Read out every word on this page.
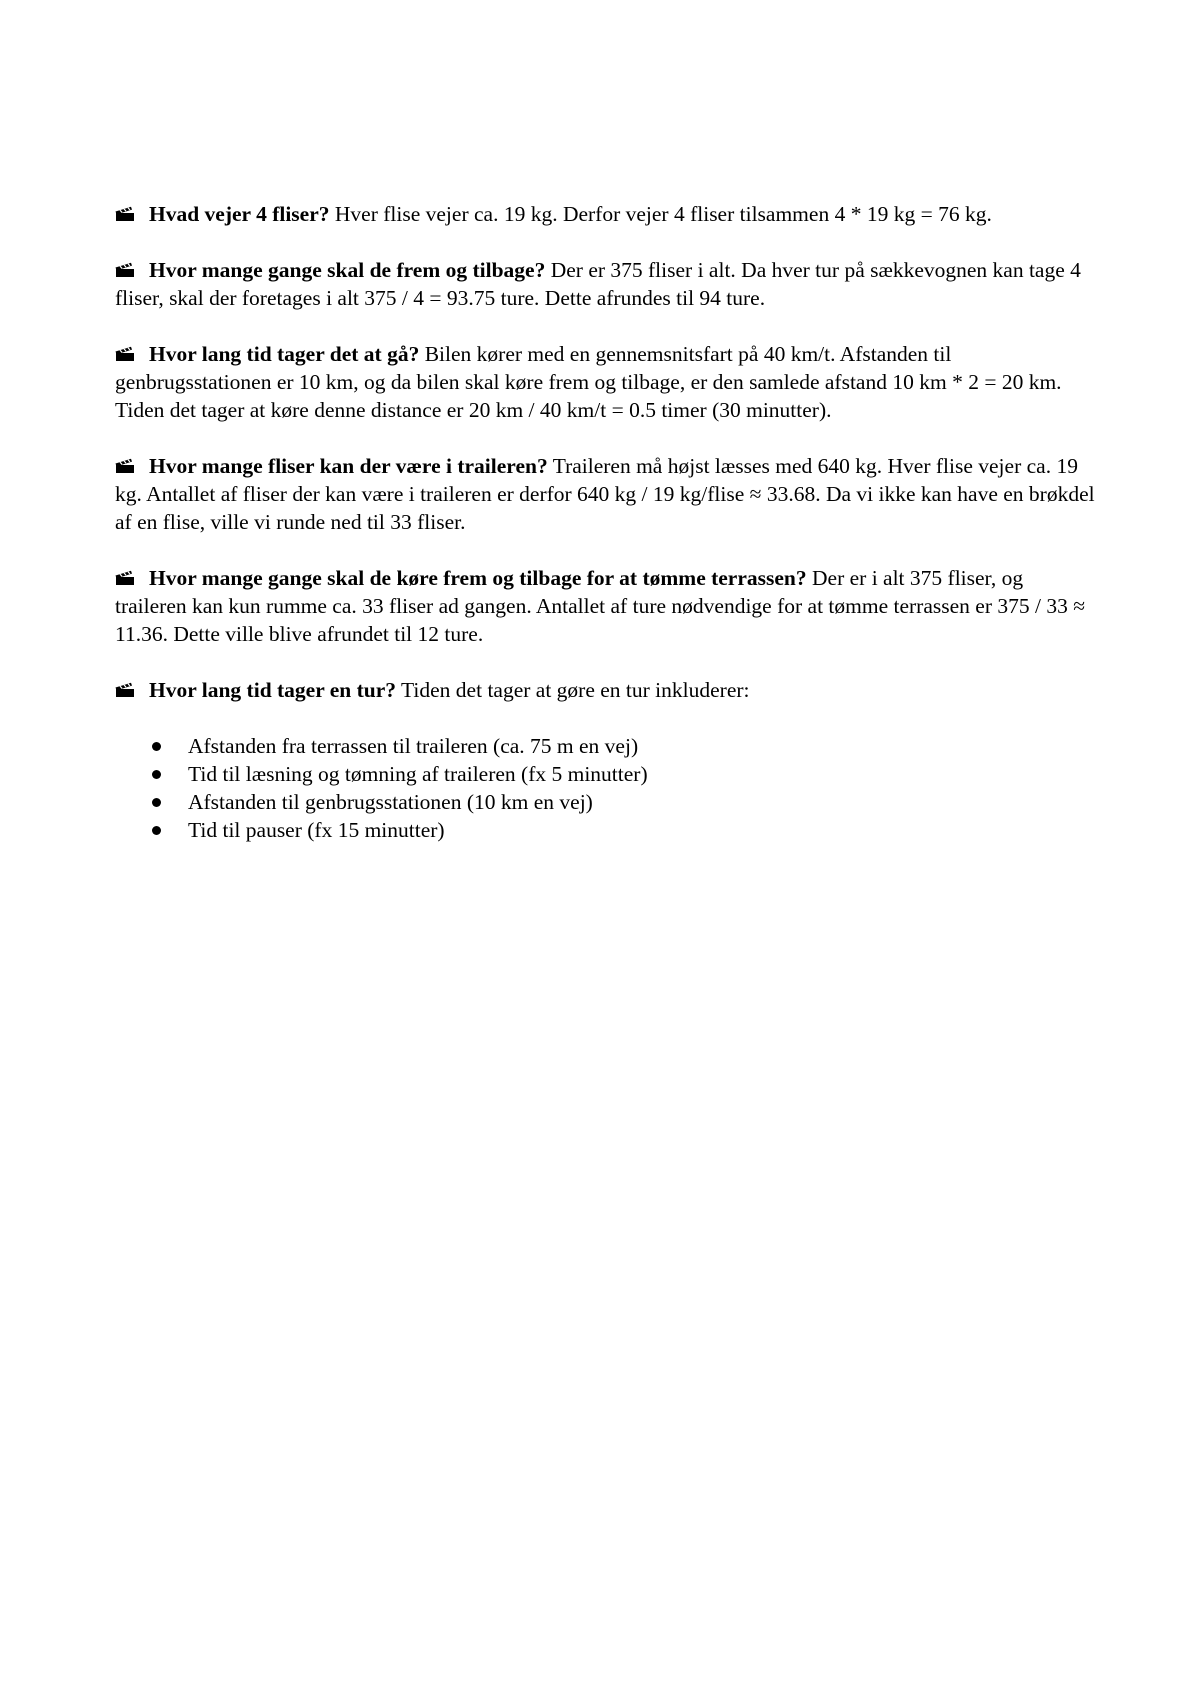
Hvad vejer 4 fliser? Hver flise vejer ca. 19 kg. Derfor vejer 4 fliser tilsammen 4 * 19 kg = 76 kg.

Hvor mange gange skal de frem og tilbage? Der er 375 fliser i alt. Da hver tur på sækkevognen kan tage 4 fliser, skal der foretages i alt 375 / 4 = 93.75 ture. Dette afrundes til 94 ture.

Hvor lang tid tager det at gå? Bilen kører med en gennemsnitsfart på 40 km/t. Afstanden til genbrugsstationen er 10 km, og da bilen skal køre frem og tilbage, er den samlede afstand 10 km * 2 = 20 km. Tiden det tager at køre denne distance er 20 km / 40 km/t = 0.5 timer (30 minutter).

Hvor mange fliser kan der være i traileren? Traileren må højst læsses med 640 kg. Hver flise vejer ca. 19 kg. Antallet af fliser der kan være i traileren er derfor 640 kg / 19 kg/flise ≈ 33.68. Da vi ikke kan have en brøkdel af en flise, ville vi runde ned til 33 fliser.

Hvor mange gange skal de køre frem og tilbage for at tømme terrassen? Der er i alt 375 fliser, og traileren kan kun rumme ca. 33 fliser ad gangen. Antallet af ture nødvendige for at tømme terrassen er 375 / 33 ≈ 11.36. Dette ville blive afrundet til 12 ture.

Hvor lang tid tager en tur? Tiden det tager at gøre en tur inkluderer:

Afstanden fra terrassen til traileren (ca. 75 m en vej)
Tid til læsning og tømning af traileren (fx 5 minutter)
Afstanden til genbrugsstationen (10 km en vej)
Tid til pauser (fx 15 minutter)
